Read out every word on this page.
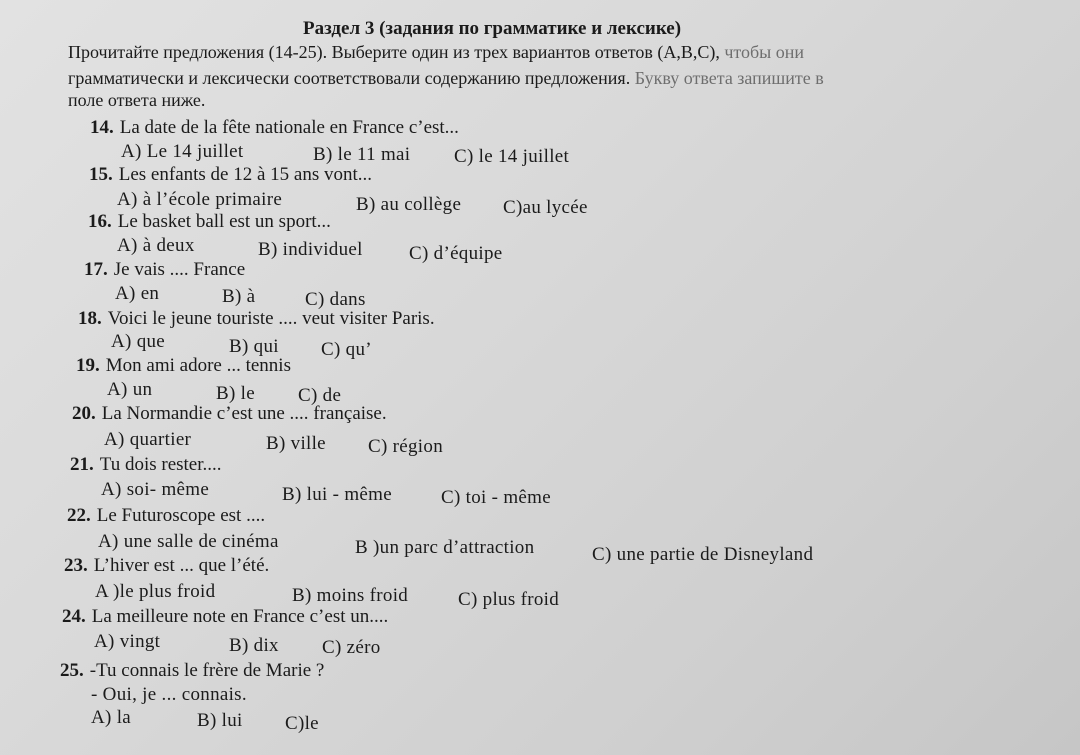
Раздел 3 (задания по грамматике и лексике)
Прочитайте предложения (14-25). Выберите один из трех вариантов ответов (A,B,C), чтобы они
грамматически и лексически соответствовали содержанию предложения. Букву ответа запишите в
поле ответа ниже.
14. La date de la fête nationale en France c’est...
A) Le 14 juillet	B) le 11 mai C) le 14 juillet
15. Les enfants de 12 à 15 ans vont...
A) à l’école primaire	B) au collège C)au lycée
16. Le basket ball est un sport...
A) à deux	B) individuel C) d’équipe
17. Je vais .... France
A) en	B) à	C) dans
18. Voici le jeune touriste .... veut visiter Paris.
A) que	B) qui C) qu’
19. Mon ami adore ... tennis
A) un	B) le C) de
20. La Normandie c’est une .... française.
A) quartier	B) ville C) région
21. Tu dois rester....
A) soi- même	B) lui - même	C) toi - même
22. Le Futuroscope est ....
A) une salle de cinéma	B )un parc d’attraction	C) une partie de Disneyland
23. L’hiver est ... que l’été.
A )le plus froid	B) moins froid	C) plus froid
24. La meilleure note en France c’est un....
A) vingt	B) dix C) zéro
25. -Tu connais le frère de Marie ?
- Oui, je ... connais.
A) la	B) lui C)le
